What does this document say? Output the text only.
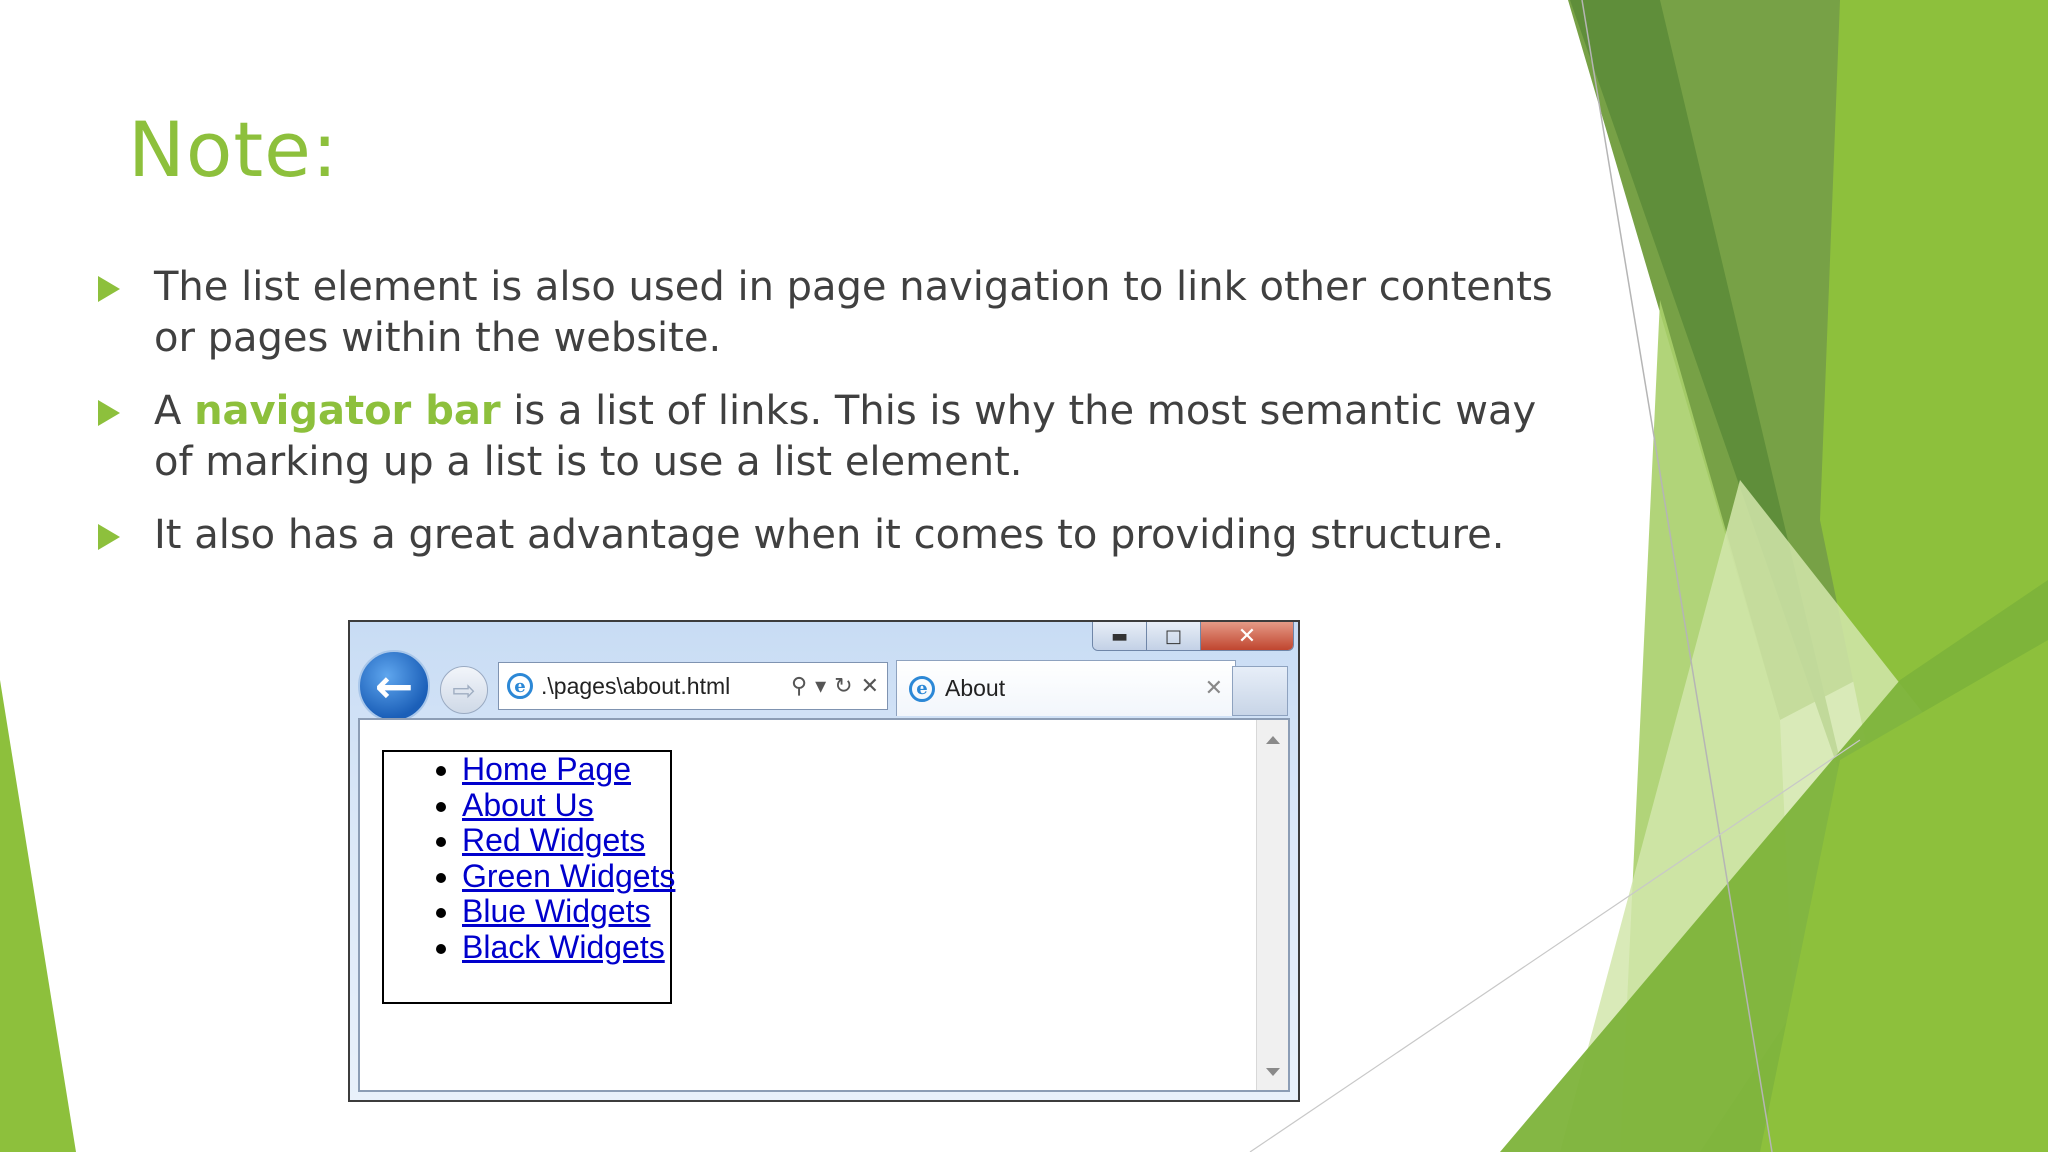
Note:
The list element is also used in page navigation to link other contents or pages within the website.
A navigator bar is a list of links. This is why the most semantic way of marking up a list is to use a list element.
It also has a great advantage when it comes to providing structure.
▬	□	✕
←	⇨	e .\pages\about.html	⚲ ▾ ↻ ✕	e About	✕
• Home Page
• About Us
• Red Widgets
• Green Widgets
• Blue Widgets
• Black Widgets
